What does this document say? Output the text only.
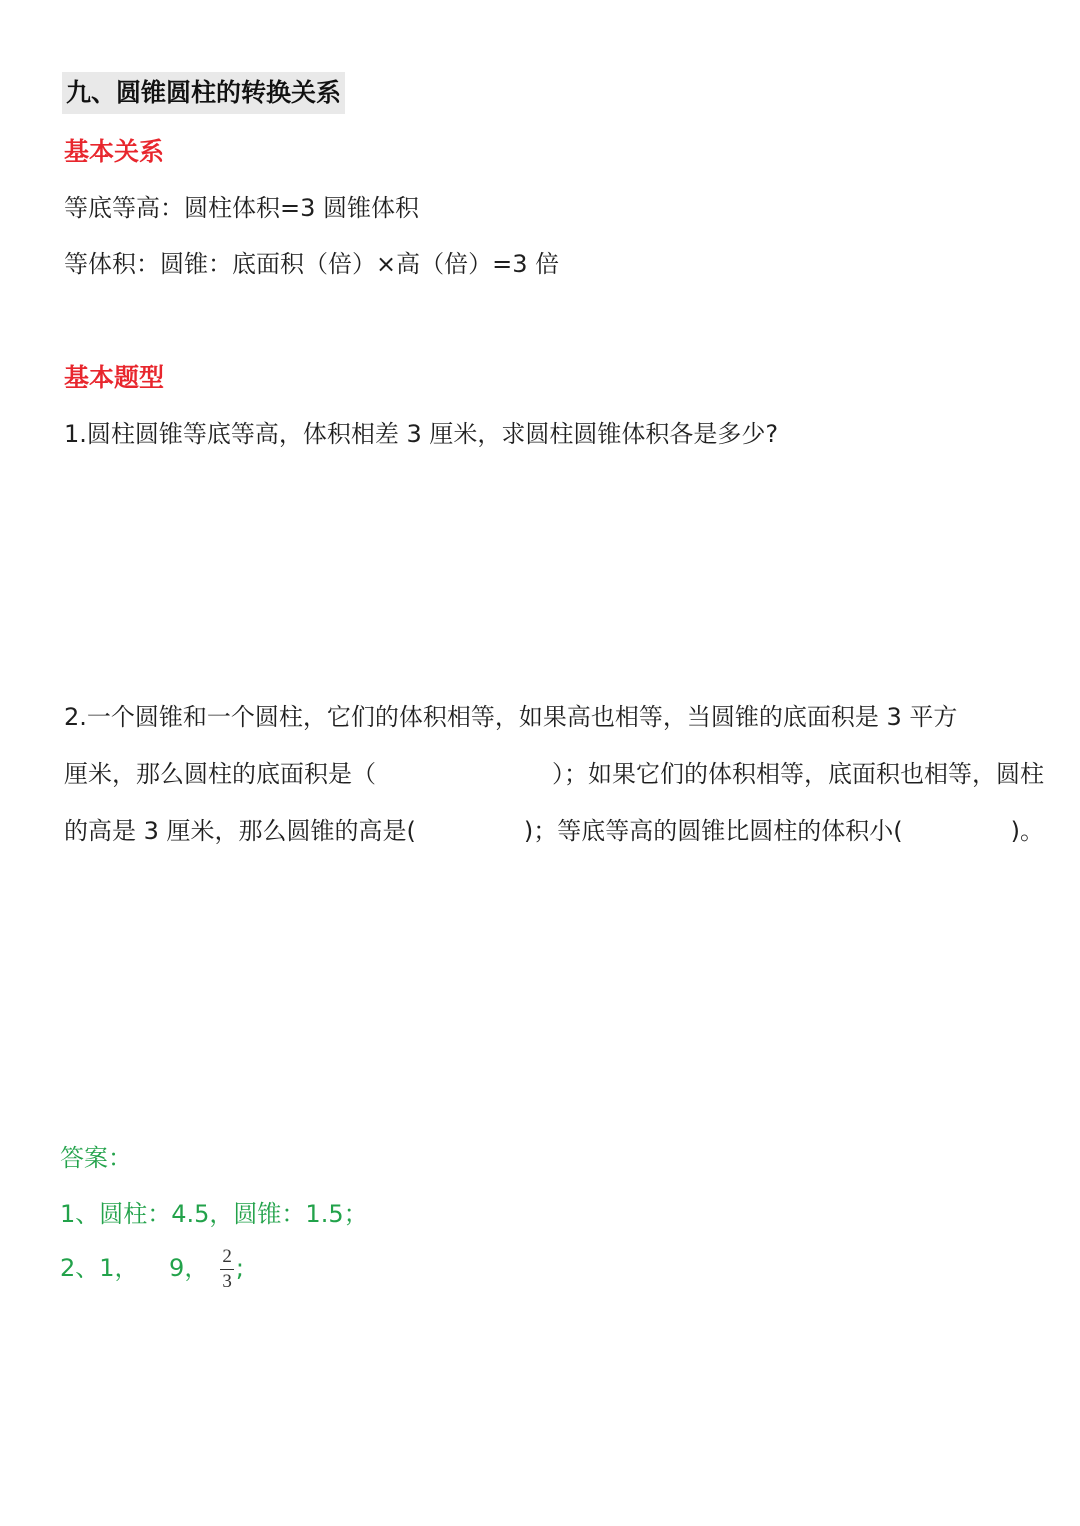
九、圆锥圆柱的转换关系
基本关系
等底等高：圆柱体积=3 圆锥体积
等体积：圆锥：底面积（倍）×高（倍）=3 倍
基本题型
1.圆柱圆锥等底等高，体积相差 3 厘米，求圆柱圆锥体积各是多少?
2.一个圆锥和一个圆柱，它们的体积相等，如果高也相等，当圆锥的底面积是 3 平方
厘米，那么圆柱的底面积是（	）；如果它们的体积相等，底面积也相等，圆柱
的高是 3 厘米，那么圆锥的高是(	)；等底等高的圆锥比圆柱的体积小(	)。
答案：
1、圆柱：4.5，圆锥：1.5；
2、1，    9， $\frac{2}{3}$ ;
